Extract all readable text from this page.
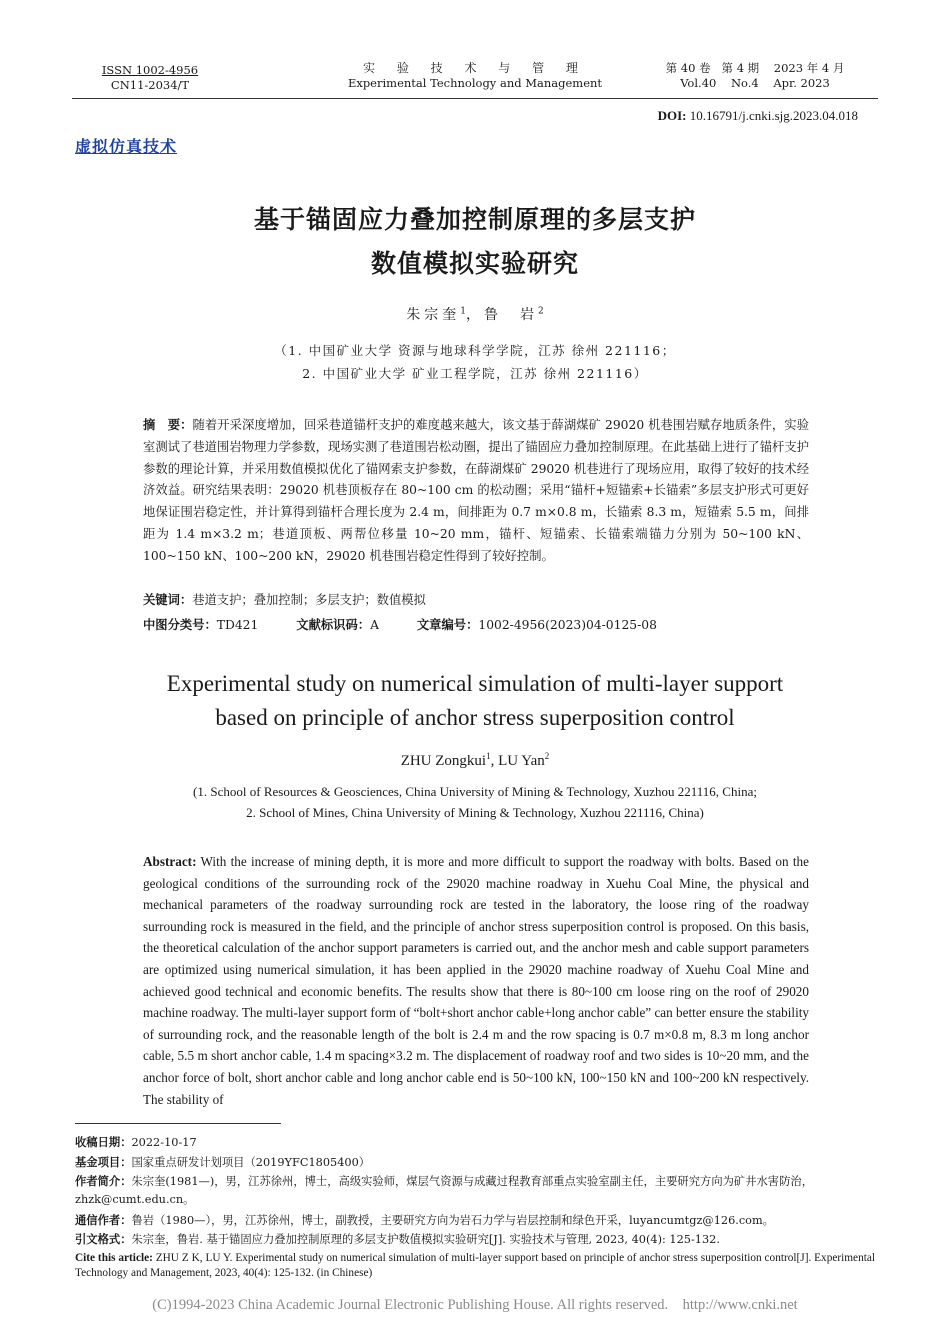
ISSN 1002-4956
CN11-2034/T
实 验 技 术 与 管 理
Experimental Technology and Management
第 40 卷   第 4 期    2023 年 4 月
Vol.40    No.4    Apr. 2023
DOI: 10.16791/j.cnki.sjg.2023.04.018
虚拟仿真技术
基于锚固应力叠加控制原理的多层支护
数值模拟实验研究
朱宗奎$^1$，鲁　岩$^2$
（1. 中国矿业大学 资源与地球科学学院，江苏 徐州 221116；
2. 中国矿业大学 矿业工程学院，江苏 徐州 221116）
摘　要：随着开采深度增加，回采巷道锚杆支护的难度越来越大，该文基于薛湖煤矿 29020 机巷围岩赋存地质条件，实验室测试了巷道围岩物理力学参数，现场实测了巷道围岩松动圈，提出了锚固应力叠加控制原理。在此基础上进行了锚杆支护参数的理论计算，并采用数值模拟优化了锚网索支护参数，在薛湖煤矿 29020 机巷进行了现场应用，取得了较好的技术经济效益。研究结果表明：29020 机巷顶板存在 80~100 cm 的松动圈；采用“锚杆+短锚索+长锚索”多层支护形式可更好地保证围岩稳定性，并计算得到锚杆合理长度为 2.4 m，间排距为 0.7 m×0.8 m，长锚索 8.3 m，短锚索 5.5 m，间排距为 1.4 m×3.2 m；巷道顶板、两帮位移量 10~20 mm，锚杆、短锚索、长锚索端锚力分别为 50~100 kN、100~150 kN、100~200 kN，29020 机巷围岩稳定性得到了较好控制。
关键词：巷道支护；叠加控制；多层支护；数值模拟
中图分类号：TD421	文献标识码：A	文章编号：1002-4956(2023)04-0125-08
Experimental study on numerical simulation of multi-layer support
based on principle of anchor stress superposition control
ZHU Zongkui$^1$, LU Yan$^2$
(1. School of Resources & Geosciences, China University of Mining & Technology, Xuzhou 221116, China;
2. School of Mines, China University of Mining & Technology, Xuzhou 221116, China)
Abstract: With the increase of mining depth, it is more and more difficult to support the roadway with bolts. Based on the geological conditions of the surrounding rock of the 29020 machine roadway in Xuehu Coal Mine, the physical and mechanical parameters of the roadway surrounding rock are tested in the laboratory, the loose ring of the roadway surrounding rock is measured in the field, and the principle of anchor stress superposition control is proposed. On this basis, the theoretical calculation of the anchor support parameters is carried out, and the anchor mesh and cable support parameters are optimized using numerical simulation, it has been applied in the 29020 machine roadway of Xuehu Coal Mine and achieved good technical and economic benefits. The results show that there is 80~100 cm loose ring on the roof of 29020 machine roadway. The multi-layer support form of “bolt+short anchor cable+long anchor cable” can better ensure the stability of surrounding rock, and the reasonable length of the bolt is 2.4 m and the row spacing is 0.7 m×0.8 m, 8.3 m long anchor cable, 5.5 m short anchor cable, 1.4 m spacing×3.2 m. The displacement of roadway roof and two sides is 10~20 mm, and the anchor force of bolt, short anchor cable and long anchor cable end is 50~100 kN, 100~150 kN and 100~200 kN respectively. The stability of
收稿日期：2022-10-17
基金项目：国家重点研发计划项目（2019YFC1805400）
作者简介：朱宗奎(1981—)，男，江苏徐州，博士，高级实验师，煤层气资源与成藏过程教育部重点实验室副主任，主要研究方向为矿井水害防治，zhzk@cumt.edu.cn。
通信作者：鲁岩（1980—），男，江苏徐州，博士，副教授，主要研究方向为岩石力学与岩层控制和绿色开采，luyancumtgz@126.com。
引文格式：朱宗奎，鲁岩. 基于锚固应力叠加控制原理的多层支护数值模拟实验研究[J]. 实验技术与管理, 2023, 40(4): 125-132.
Cite this article: ZHU Z K, LU Y. Experimental study on numerical simulation of multi-layer support based on principle of anchor stress superposition control[J]. Experimental Technology and Management, 2023, 40(4): 125-132. (in Chinese)
(C)1994-2023 China Academic Journal Electronic Publishing House. All rights reserved.    http://www.cnki.net
